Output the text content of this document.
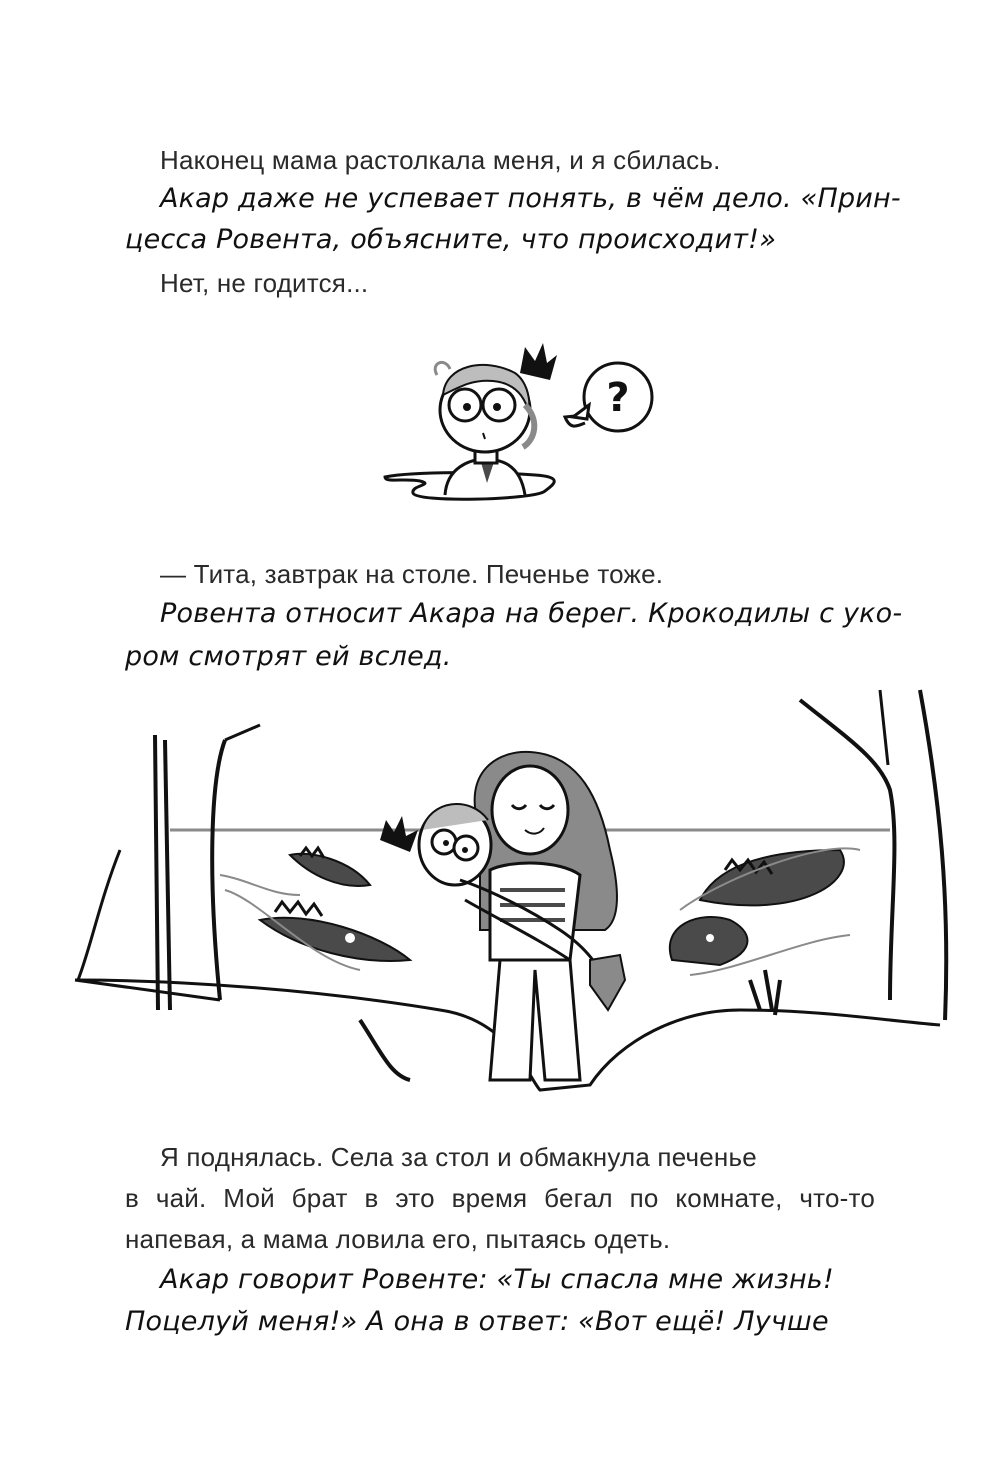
Наконец мама растолкала меня, и я сбилась.
Акар даже не успевает понять, в чём дело. «Прин-
цесса Ровента, объясните, что происходит!»
Нет, не годится...
?
— Тита, завтрак на столе. Печенье тоже.
Ровента относит Акара на берег. Крокодилы с уко-
ром смотрят ей вслед.
Я поднялась. Села за стол и обмакнула печенье
в чай. Мой брат в это время бегал по комнате, что-то
напевая, а мама ловила его, пытаясь одеть.
Акар говорит Ровенте: «Ты спасла мне жизнь!
Поцелуй меня!» А она в ответ: «Вот ещё! Лучше
